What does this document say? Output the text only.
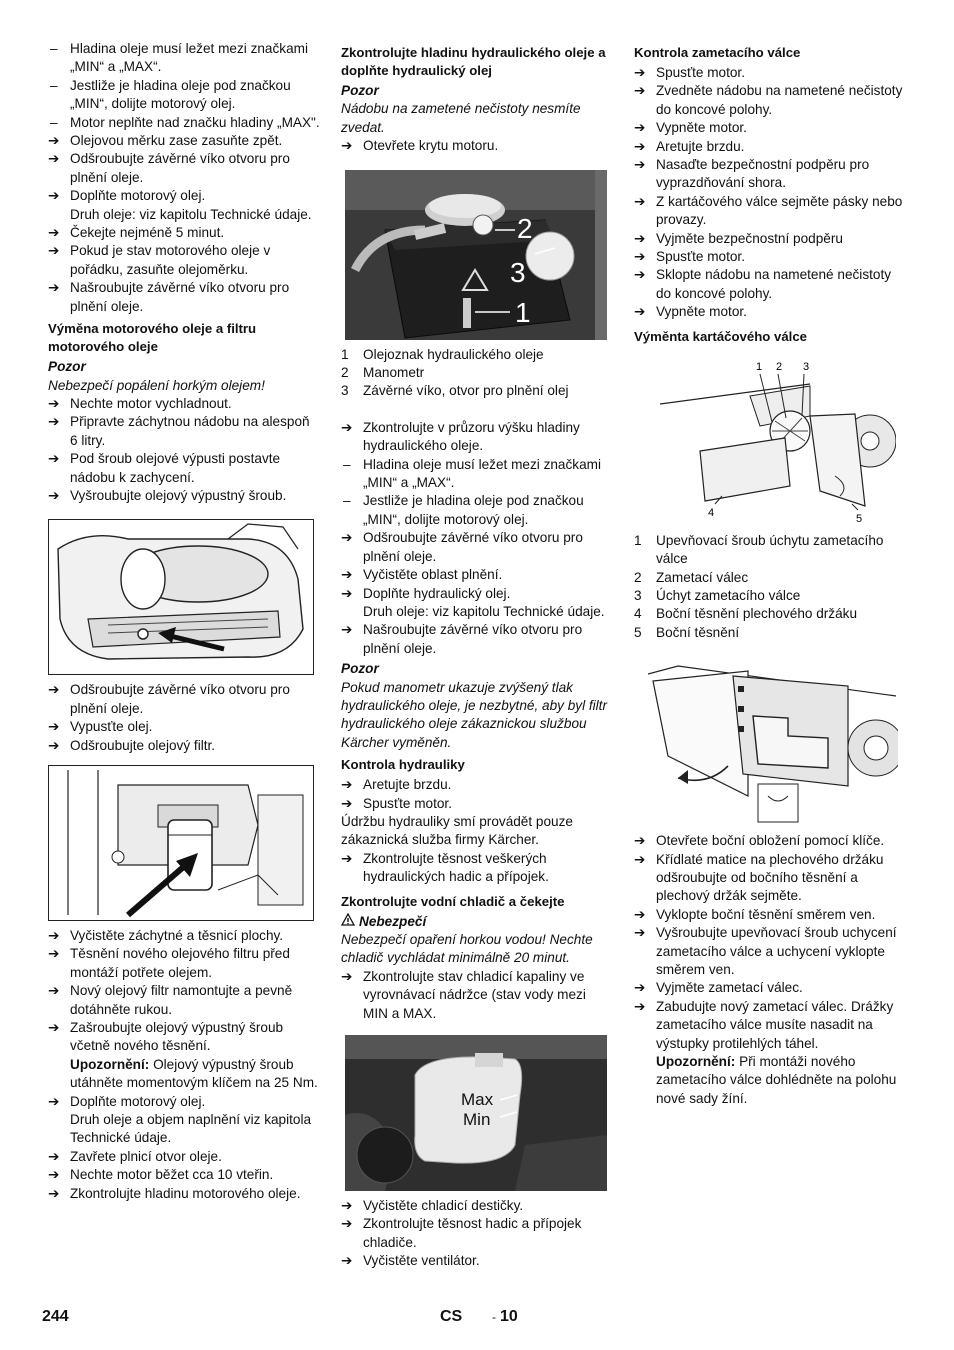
– Hladina oleje musí ležet mezi značkami „MIN“ a „MAX“.
– Jestliže je hladina oleje pod značkou „MIN“, dolijte motorový olej.
– Motor neplňte nad značku hladiny „MAX".
➔ Olejovou měrku zase zasuňte zpět.
➔ Odšroubujte závěrné víko otvoru pro plnění oleje.
➔ Doplňte motorový olej.

Druh oleje: viz kapitolu Technické údaje.

➔ Čekejte nejméně 5 minut.
➔ Pokud je stav motorového oleje v pořádku, zasuňte olejoměrku.
➔ Našroubujte závěrné víko otvoru pro plnění oleje.
Výměna motorového oleje a filtru motorového oleje

Pozor

Nebezpečí popálení horkým olejem!

➔ Nechte motor vychladnout.
➔ Připravte záchytnou nádobu na alespoň 6 litry.
➔ Pod šroub olejové výpusti postavte nádobu k zachycení.
➔ Vyšroubujte olejový výpustný šroub.
➔ Odšroubujte závěrné víko otvoru pro plnění oleje.
➔ Vypusťte olej.
➔ Odšroubujte olejový filtr.
➔ Vyčistěte záchytné a těsnicí plochy.
➔ Těsnění nového olejového filtru před montáží potřete olejem.
➔ Nový olejový filtr namontujte a pevně dotáhněte rukou.
➔ Zašroubujte olejový výpustný šroub včetně nového těsnění.

Upozornění: Olejový výpustný šroub utáhněte momentovým klíčem na 25 Nm.

➔ Doplňte motorový olej.

Druh oleje a objem naplnění viz kapitola Technické údaje.

➔ Zavřete plnicí otvor oleje.
➔ Nechte motor běžet cca 10 vteřin.
➔ Zkontrolujte hladinu motorového oleje.
Zkontrolujte hladinu hydraulického oleje a doplňte hydraulický olej

Pozor

Nádobu na zametené nečistoty nesmíte zvedat.

➔ Otevřete krytu motoru.
2
3
1
1	Olejoznak hydraulického oleje
2	Manometr
3	Závěrné víko, otvor pro plnění olej
➔ Zkontrolujte v průzoru výšku hladiny hydraulického oleje.
– Hladina oleje musí ležet mezi značkami „MIN“ a „MAX“.
– Jestliže je hladina oleje pod značkou „MIN“, dolijte motorový olej.
➔ Odšroubujte závěrné víko otvoru pro plnění oleje.
➔ Vyčistěte oblast plnění.
➔ Doplňte hydraulický olej.

Druh oleje: viz kapitolu Technické údaje.

➔ Našroubujte závěrné víko otvoru pro plnění oleje.

Pozor

Pokud manometr ukazuje zvýšený tlak hydraulického oleje, je nezbytné, aby byl filtr hydraulického oleje zákaznickou službou Kärcher vyměněn.

Kontrola hydrauliky
➔ Aretujte brzdu.
➔ Spusťte motor.

Údržbu hydrauliky smí provádět pouze zákaznická služba firmy Kärcher.

➔ Zkontrolujte těsnost veškerých hydraulických hadic a přípojek.
Zkontrolujte vodní chladič a čekejte

Nebezpečí

Nebezpečí opaření horkou vodou! Nechte chladič vychládat minimálně 20 minut.

➔ Zkontrolujte stav chladicí kapaliny ve vyrovnávací nádržce (stav vody mezi MIN a MAX.
Max
Min
➔ Vyčistěte chladicí destičky.
➔ Zkontrolujte těsnost hadic a přípojek chladiče.
➔ Vyčistěte ventilátor.
Kontrola zametacího válce
➔ Spusťte motor.
➔ Zvedněte nádobu na nametené nečistoty do koncové polohy.
➔ Vypněte motor.
➔ Aretujte brzdu.
➔ Nasaďte bezpečnostní podpěru pro vyprazdňování shora.
➔ Z kartáčového válce sejměte pásky nebo provazy.
➔ Vyjměte bezpečnostní podpěru
➔ Spusťte motor.
➔ Sklopte nádobu na nametené nečistoty do koncové polohy.
➔ Vypněte motor.
Výměnta kartáčového válce
1 2 3
4	5
1	Upevňovací šroub úchytu zametacího válce
2	Zametací válec
3	Úchyt zametacího válce
4	Boční těsnění plechového držáku
5	Boční těsnění
➔ Otevřete boční obložení pomocí klíče.
➔ Křídlaté matice na plechového držáku odšroubujte od bočního těsnění a plechový držák sejměte.
➔ Vyklopte boční těsnění směrem ven.
➔ Vyšroubujte upevňovací šroub uchycení zametacího válce a uchycení vyklopte směrem ven.
➔ Vyjměte zametací válec.
➔ Zabudujte nový zametací válec. Drážky zametacího válce musíte nasadit na výstupky protilehlých táhel.

Upozornění: Při montáži nového zametacího válce dohlédněte na polohu nové sady žíní.

244	CS - 10
